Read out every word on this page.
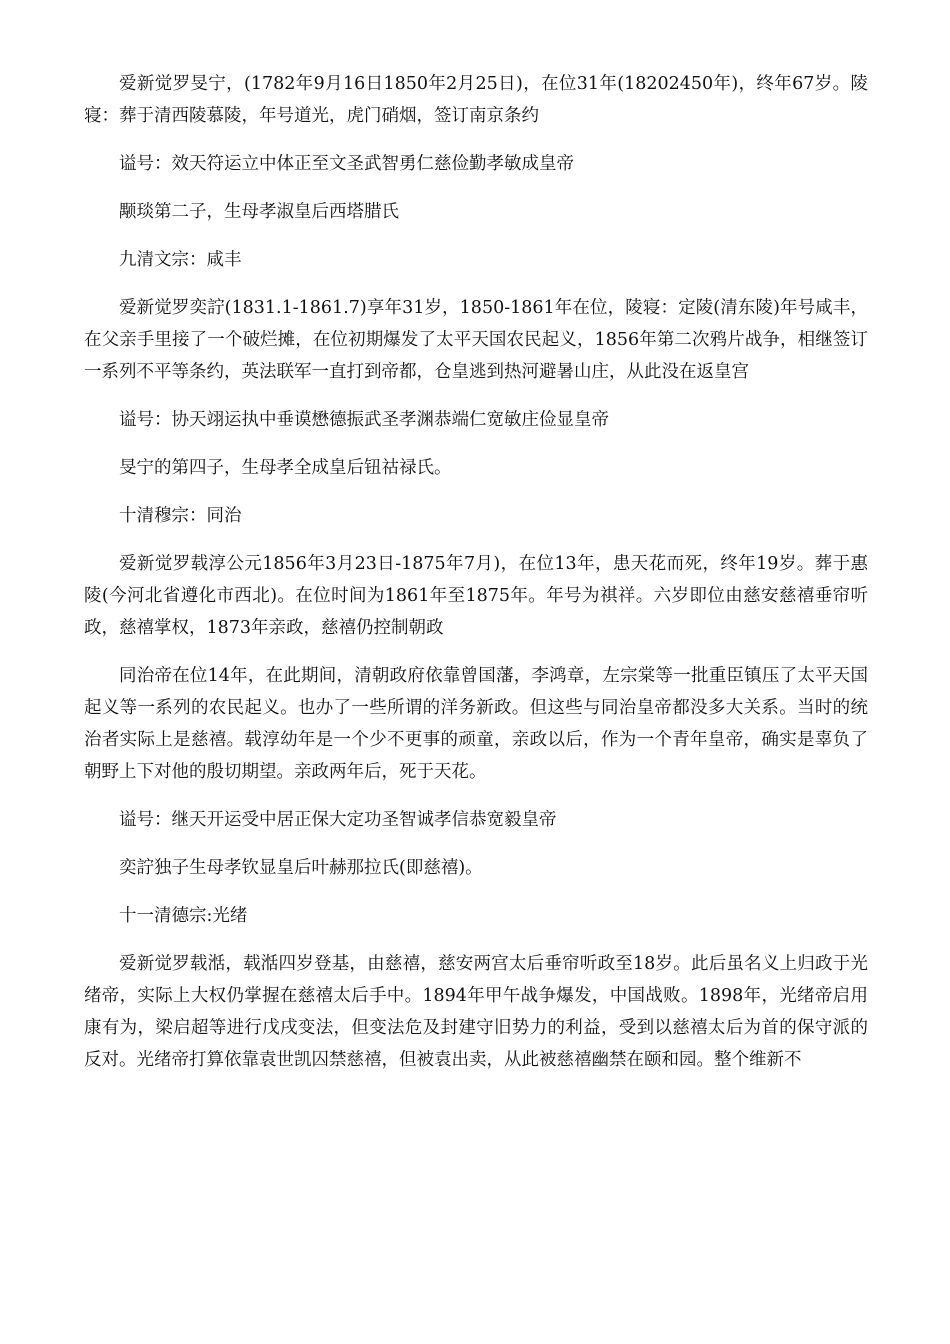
爱新觉罗旻宁，(1782年9月16日1850年2月25日)，在位31年(18202450年)，终年67岁。陵寝：葬于清西陵慕陵，年号道光，虎门硝烟，签订南京条约

谥号：效天符运立中体正至文圣武智勇仁慈俭勤孝敏成皇帝

颙琰第二子，生母孝淑皇后西塔腊氏

九清文宗：咸丰

爱新觉罗奕詝(1831.1-1861.7)享年31岁，1850-1861年在位，陵寝：定陵(清东陵)年号咸丰，在父亲手里接了一个破烂摊，在位初期爆发了太平天国农民起义，1856年第二次鸦片战争，相继签订一系列不平等条约，英法联军一直打到帝都，仓皇逃到热河避暑山庄，从此没在返皇宫

谥号：协天翊运执中垂谟懋德振武圣孝渊恭端仁宽敏庄俭显皇帝

旻宁的第四子，生母孝全成皇后钮祜禄氏。

十清穆宗：同治

爱新觉罗载淳公元1856年3月23日-1875年7月)，在位13年，患天花而死，终年19岁。葬于惠陵(今河北省遵化市西北)。在位时间为1861年至1875年。年号为祺祥。六岁即位由慈安慈禧垂帘听政，慈禧掌权，1873年亲政，慈禧仍控制朝政

同治帝在位14年，在此期间，清朝政府依靠曾国藩，李鸿章，左宗棠等一批重臣镇压了太平天国起义等一系列的农民起义。也办了一些所谓的洋务新政。但这些与同治皇帝都没多大关系。当时的统治者实际上是慈禧。载淳幼年是一个少不更事的顽童，亲政以后，作为一个青年皇帝，确实是辜负了朝野上下对他的殷切期望。亲政两年后，死于天花。

谥号：继天开运受中居正保大定功圣智诚孝信恭宽毅皇帝

奕詝独子生母孝钦显皇后叶赫那拉氏(即慈禧)。

十一清德宗:光绪

爱新觉罗载湉，载湉四岁登基，由慈禧，慈安两宫太后垂帘听政至18岁。此后虽名义上归政于光绪帝，实际上大权仍掌握在慈禧太后手中。1894年甲午战争爆发，中国战败。1898年，光绪帝启用康有为，梁启超等进行戊戌变法，但变法危及封建守旧势力的利益，受到以慈禧太后为首的保守派的反对。光绪帝打算依靠袁世凯囚禁慈禧，但被袁出卖，从此被慈禧幽禁在颐和园。整个维新不
